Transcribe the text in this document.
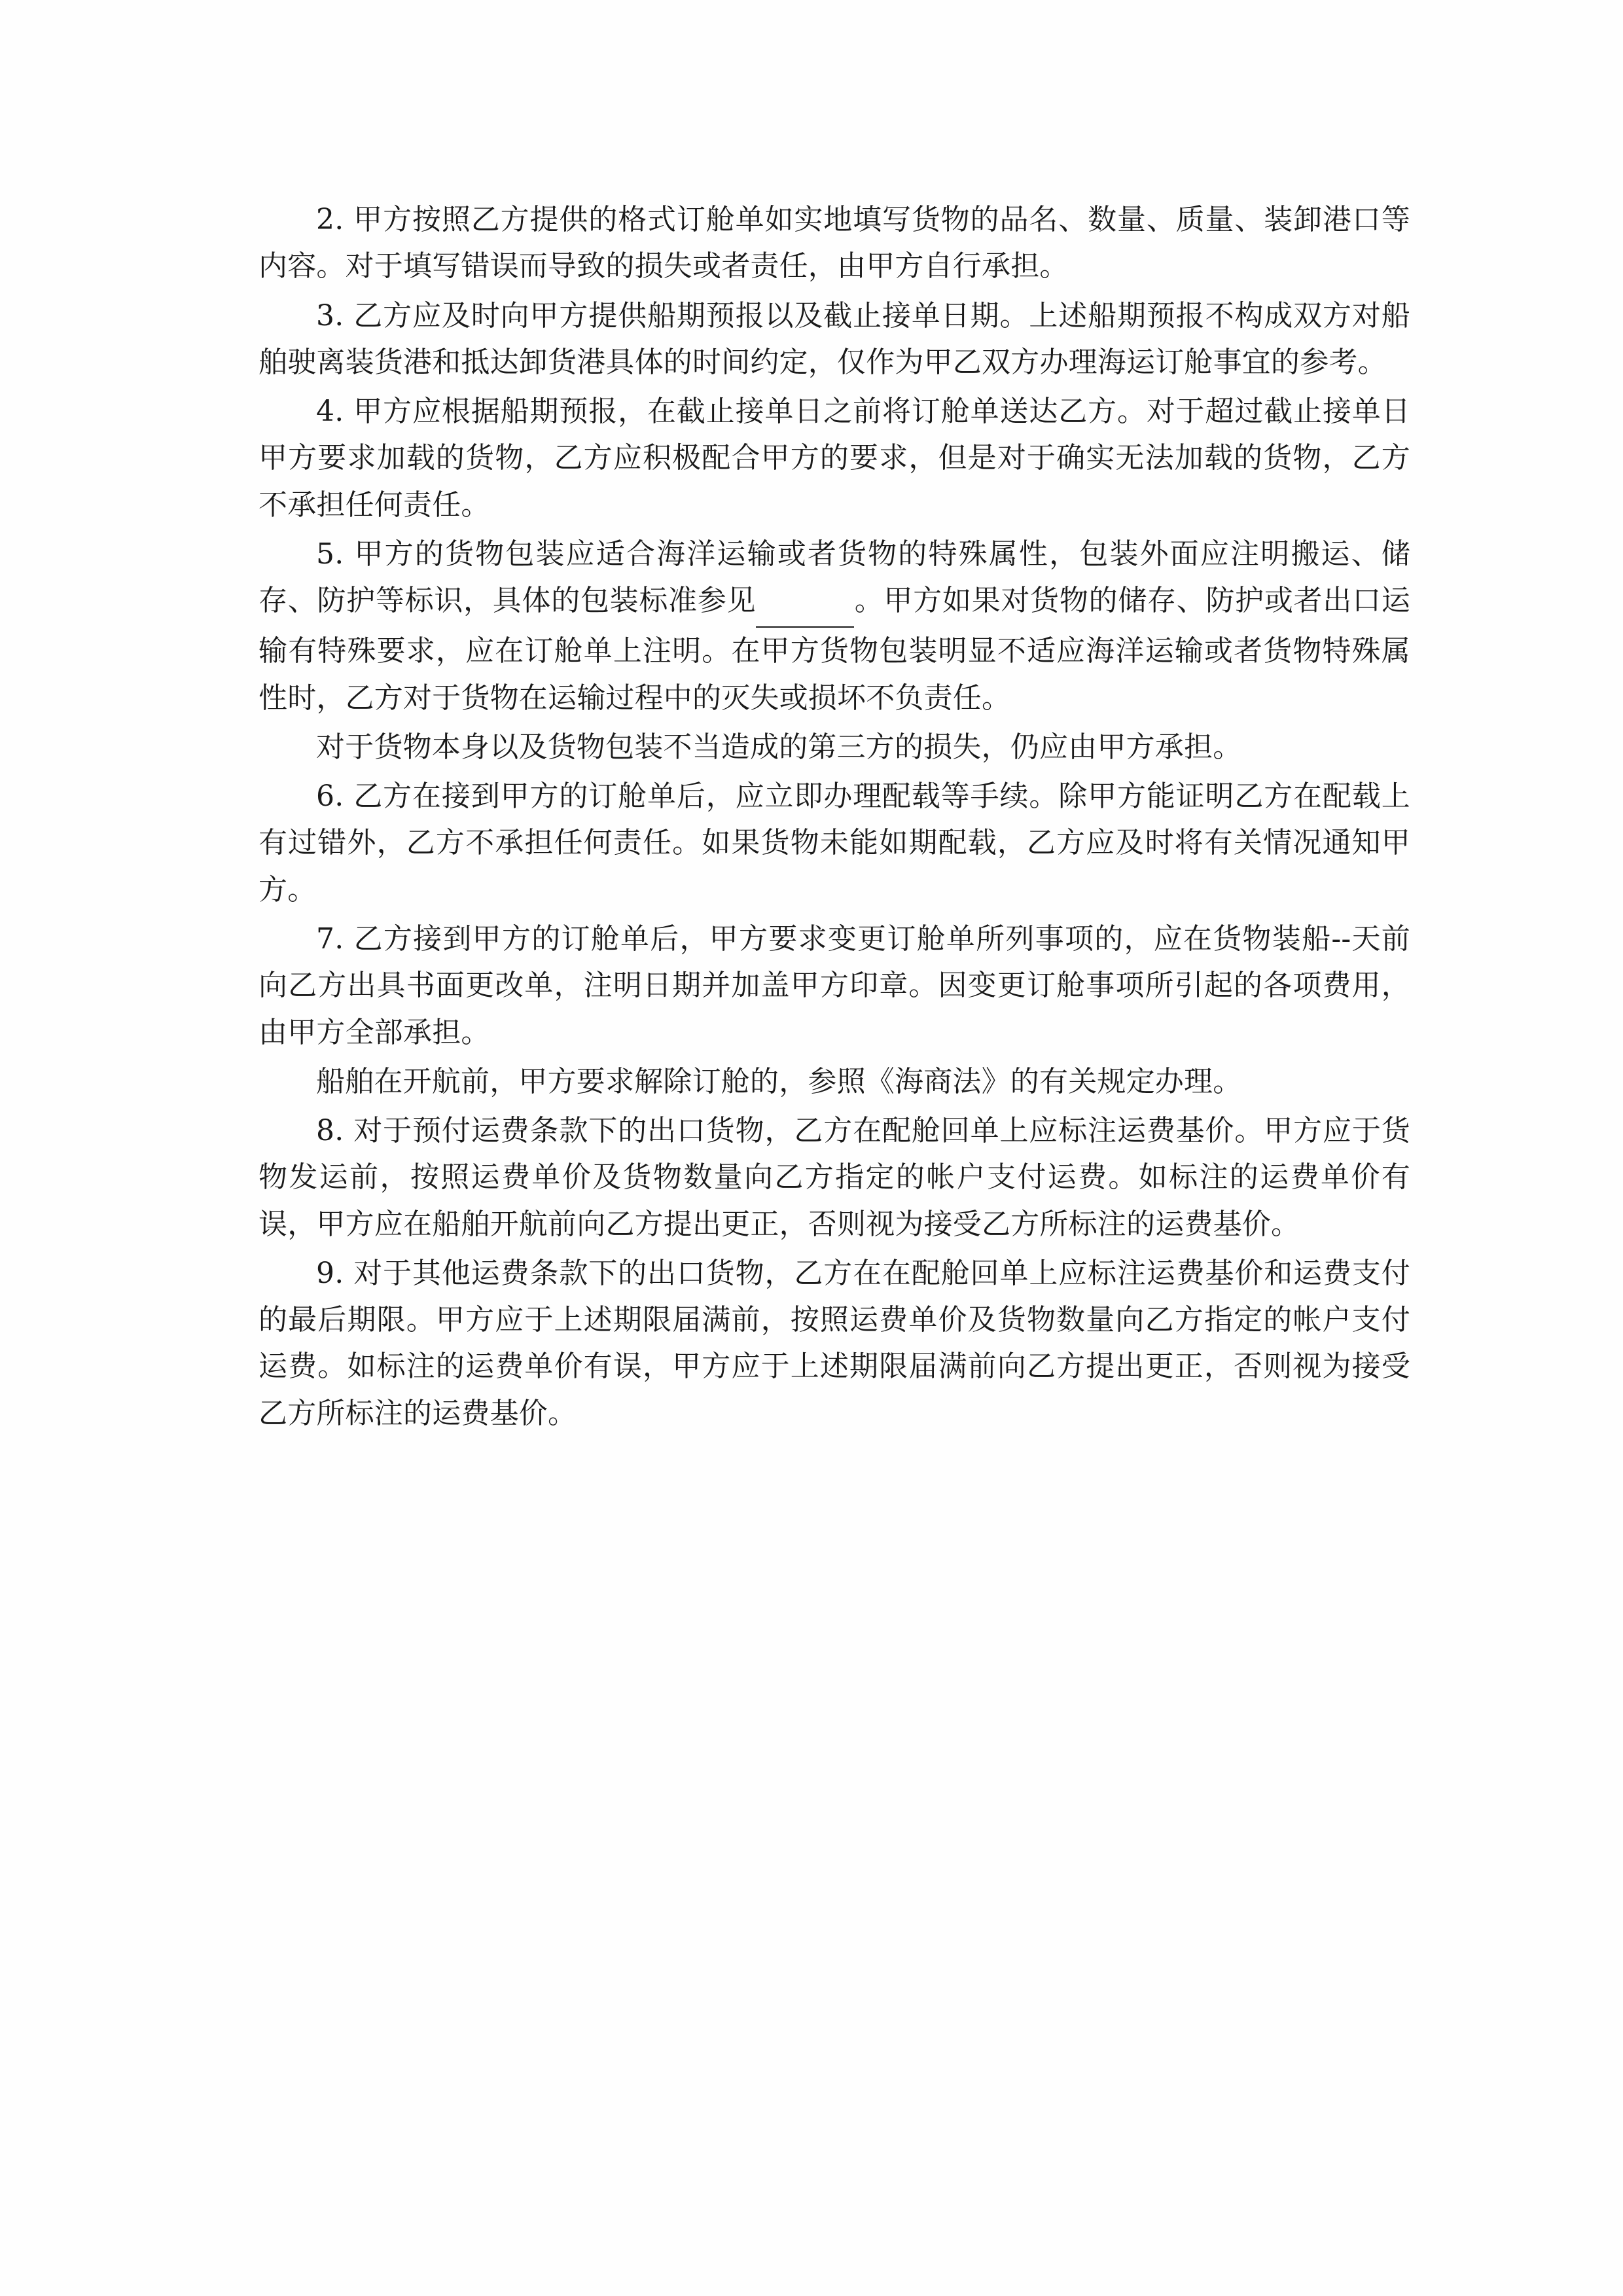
2. 甲方按照乙方提供的格式订舱单如实地填写货物的品名、数量、质量、装卸港口等内容。对于填写错误而导致的损失或者责任，由甲方自行承担。

3. 乙方应及时向甲方提供船期预报以及截止接单日期。上述船期预报不构成双方对船舶驶离装货港和抵达卸货港具体的时间约定，仅作为甲乙双方办理海运订舱事宜的参考。

4. 甲方应根据船期预报，在截止接单日之前将订舱单送达乙方。对于超过截止接单日甲方要求加载的货物，乙方应积极配合甲方的要求，但是对于确实无法加载的货物，乙方不承担任何责任。

5. 甲方的货物包装应适合海洋运输或者货物的特殊属性，包装外面应注明搬运、储存、防护等标识，具体的包装标准参见	。甲方如果对货物的储存、防护或者出口运输有特殊要求，应在订舱单上注明。在甲方货物包装明显不适应海洋运输或者货物特殊属性时，乙方对于货物在运输过程中的灭失或损坏不负责任。

对于货物本身以及货物包装不当造成的第三方的损失，仍应由甲方承担。

6. 乙方在接到甲方的订舱单后，应立即办理配载等手续。除甲方能证明乙方在配载上有过错外，乙方不承担任何责任。如果货物未能如期配载，乙方应及时将有关情况通知甲方。

7. 乙方接到甲方的订舱单后，甲方要求变更订舱单所列事项的，应在货物装船--天前向乙方出具书面更改单，注明日期并加盖甲方印章。因变更订舱事项所引起的各项费用，由甲方全部承担。

船舶在开航前，甲方要求解除订舱的，参照《海商法》的有关规定办理。

8. 对于预付运费条款下的出口货物，乙方在配舱回单上应标注运费基价。甲方应于货物发运前，按照运费单价及货物数量向乙方指定的帐户支付运费。如标注的运费单价有误，甲方应在船舶开航前向乙方提出更正，否则视为接受乙方所标注的运费基价。

9. 对于其他运费条款下的出口货物，乙方在在配舱回单上应标注运费基价和运费支付的最后期限。甲方应于上述期限届满前，按照运费单价及货物数量向乙方指定的帐户支付运费。如标注的运费单价有误，甲方应于上述期限届满前向乙方提出更正，否则视为接受乙方所标注的运费基价。
